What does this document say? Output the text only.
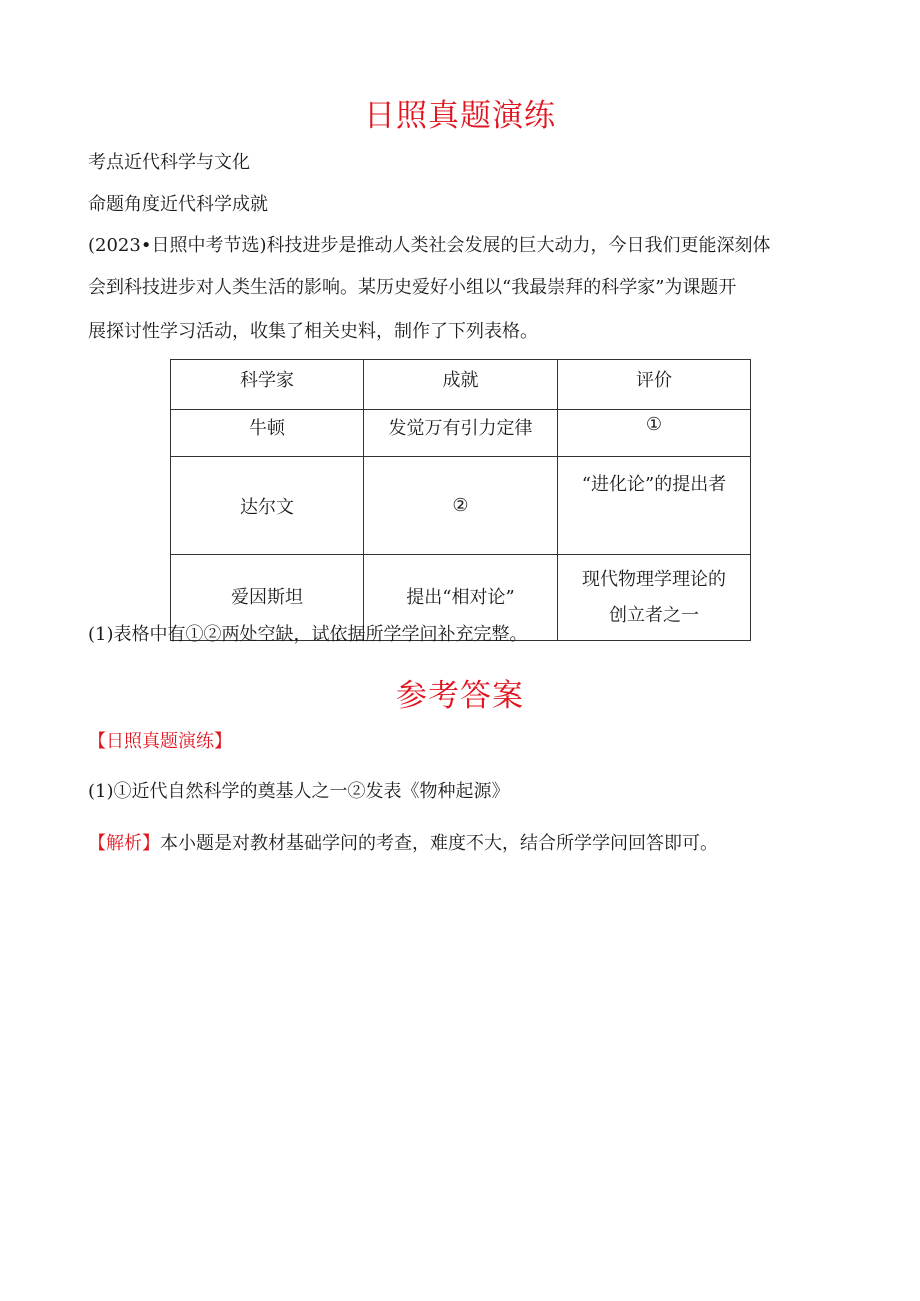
日照真题演练
考点近代科学与文化
命题角度近代科学成就
(2023•日照中考节选)科技进步是推动人类社会发展的巨大动力，今日我们更能深刻体
会到科技进步对人类生活的影响。某历史爱好小组以“我最崇拜的科学家”为课题开
展探讨性学习活动，收集了相关史料，制作了下列表格。
科学家	成就	评价
牛顿	发觉万有引力定律	①
达尔文	②	“进化论”的提出者
爱因斯坦	提出“相对论”	现代物理学理论的创立者之一
(1)表格中有①②两处空缺，试依据所学学问补充完整。
参考答案
【日照真题演练】
(1)①近代自然科学的奠基人之一②发表《物种起源》
【解析】本小题是对教材基础学问的考查，难度不大，结合所学学问回答即可。
